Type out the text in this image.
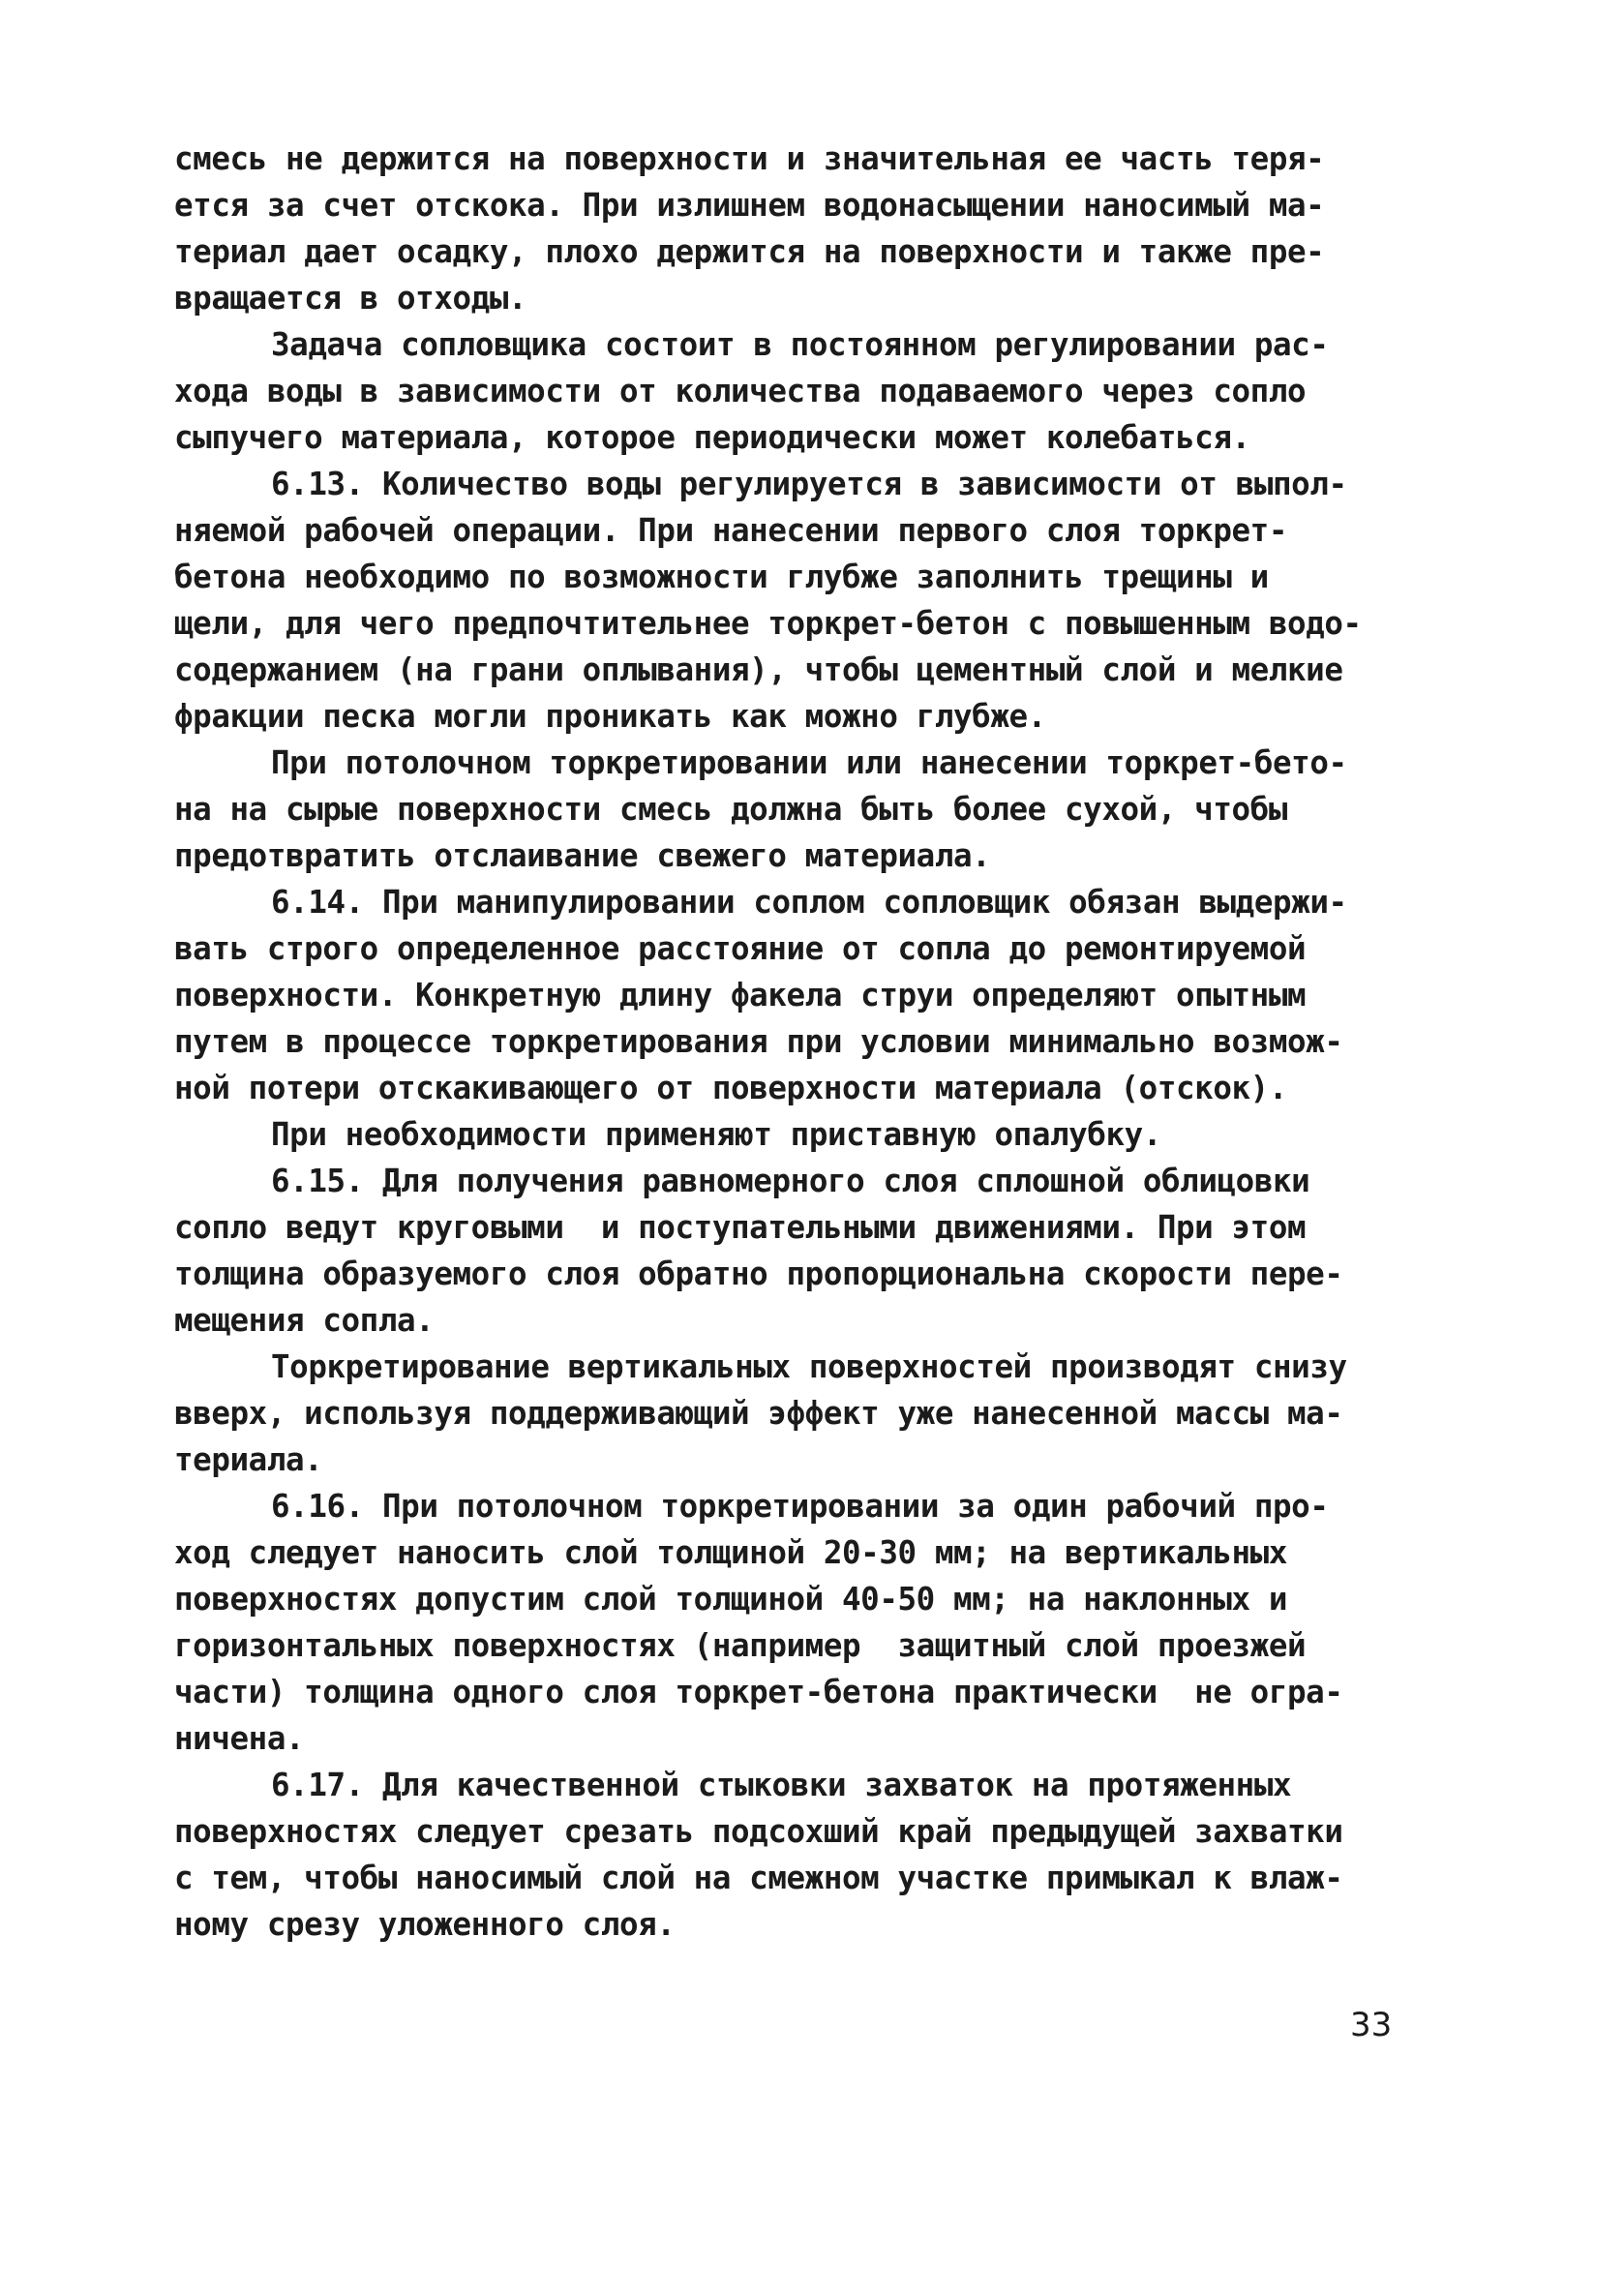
смесь не держится на поверхности и значительная ее часть теря-
ется за счет отскока. При излишнем водонасыщении наносимый ма-
териал дает осадку, плохо держится на поверхности и также пре-
вращается в отходы.
Задача сопловщика состоит в постоянном регулировании рас-
хода воды в зависимости от количества подаваемого через сопло
сыпучего материала, которое периодически может колебаться.
6.13. Количество воды регулируется в зависимости от выпол-
няемой рабочей операции. При нанесении первого слоя торкрет-
бетона необходимо по возможности глубже заполнить трещины и
щели, для чего предпочтительнее торкрет-бетон с повышенным водо-
содержанием (на грани оплывания), чтобы цементный слой и мелкие
фракции песка могли проникать как можно глубже.
При потолочном торкретировании или нанесении торкрет-бето-
на на сырые поверхности смесь должна быть более сухой, чтобы
предотвратить отслаивание свежего материала.
6.14. При манипулировании соплом сопловщик обязан выдержи-
вать строго определенное расстояние от сопла до ремонтируемой
поверхности. Конкретную длину факела струи определяют опытным
путем в процессе торкретирования при условии минимально возмож-
ной потери отскакивающего от поверхности материала (отскок).
При необходимости применяют приставную опалубку.
6.15. Для получения равномерного слоя сплошной облицовки
сопло ведут круговыми  и поступательными движениями. При этом
толщина образуемого слоя обратно пропорциональна скорости пере-
мещения сопла.
Торкретирование вертикальных поверхностей производят снизу
вверх, используя поддерживающий эффект уже нанесенной массы ма-
териала.
6.16. При потолочном торкретировании за один рабочий про-
ход следует наносить слой толщиной 20-30 мм; на вертикальных
поверхностях допустим слой толщиной 40-50 мм; на наклонных и
горизонтальных поверхностях (например  защитный слой проезжей
части) толщина одного слоя торкрет-бетона практически  не огра-
ничена.
6.17. Для качественной стыковки захваток на протяженных
поверхностях следует срезать подсохший край предыдущей захватки
с тем, чтобы наносимый слой на смежном участке примыкал к влаж-
ному срезу уложенного слоя.
33
